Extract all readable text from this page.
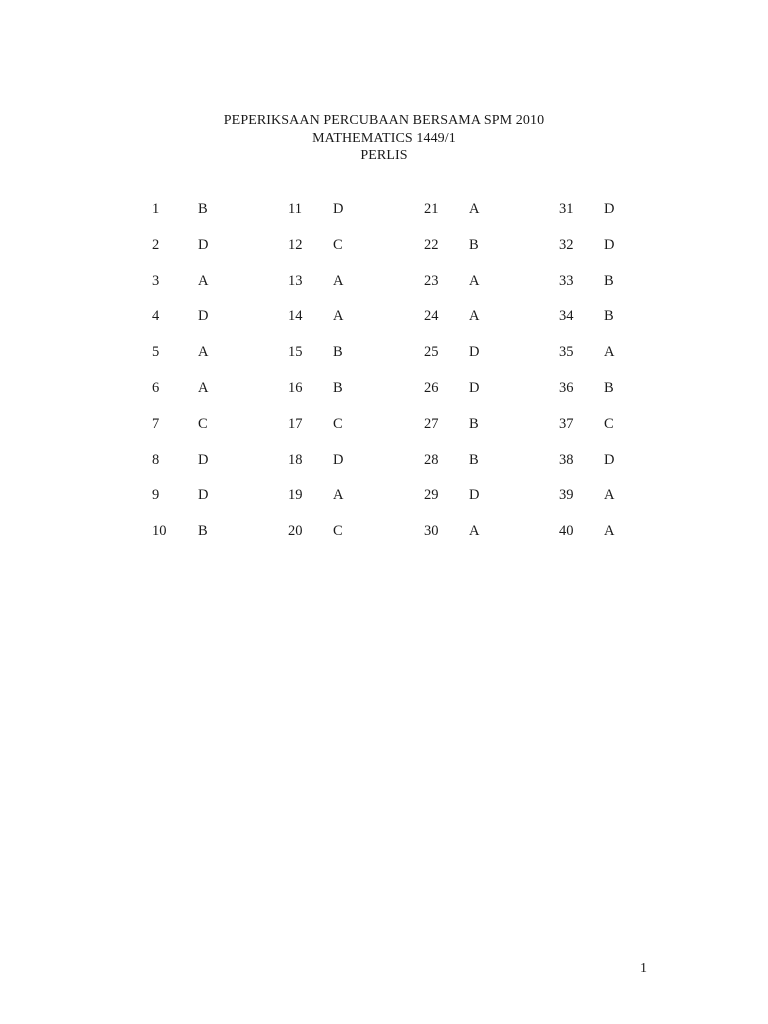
PEPERIKSAAN PERCUBAAN BERSAMA SPM 2010
MATHEMATICS 1449/1
PERLIS
1	B
2	D
3	A
4	D
5	A
6	A
7	C
8	D
9	D
10 B
11 D
12 C
13 A
14 A
15 B
16 B
17 C
18 D
19 A
20 C
21 A
22 B
23 A
24 A
25 D
26 D
27 B
28 B
29 D
30 A
31 D
32 D
33 B
34 B
35 A
36 B
37 C
38 D
39 A
40 A
1
